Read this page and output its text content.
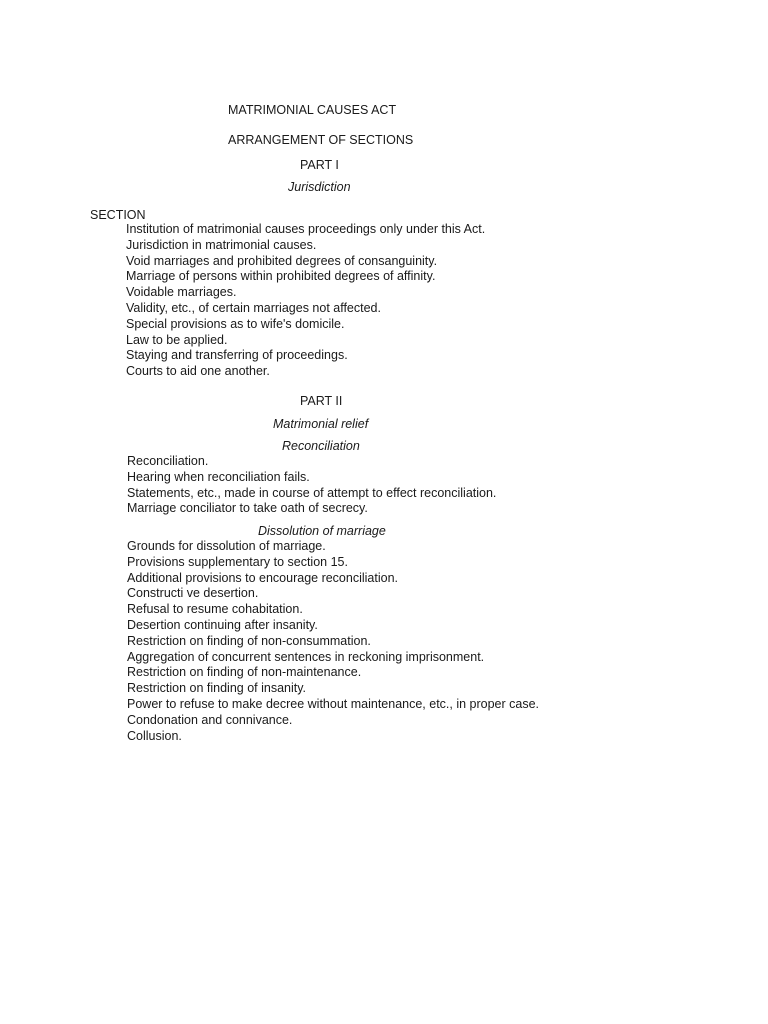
MATRIMONIAL CAUSES ACT
ARRANGEMENT OF SECTIONS
PART I
Jurisdiction
SECTION
Institution of matrimonial causes proceedings only under this Act.
Jurisdiction in matrimonial causes.
Void marriages and prohibited degrees of consanguinity.
Marriage of persons within prohibited degrees of affinity.
Voidable marriages.
Validity, etc., of certain marriages not affected.
Special provisions as to wife's domicile.
Law to be applied.
Staying and transferring of proceedings.
Courts to aid one another.
PART II
Matrimonial relief
Reconciliation
Reconciliation.
Hearing when reconciliation fails.
Statements, etc., made in course of attempt to effect reconciliation.
Marriage conciliator to take oath of secrecy.
Dissolution of marriage
Grounds for dissolution of marriage.
Provisions supplementary to section 15.
Additional provisions to encourage reconciliation.
Constructi ve desertion.
Refusal to resume cohabitation.
Desertion continuing after insanity.
Restriction on finding of non-consummation.
Aggregation of concurrent sentences in reckoning imprisonment.
Restriction on finding of non-maintenance.
Restriction on finding of insanity.
Power to refuse to make decree without maintenance, etc., in proper case.
Condonation and connivance.
Collusion.
